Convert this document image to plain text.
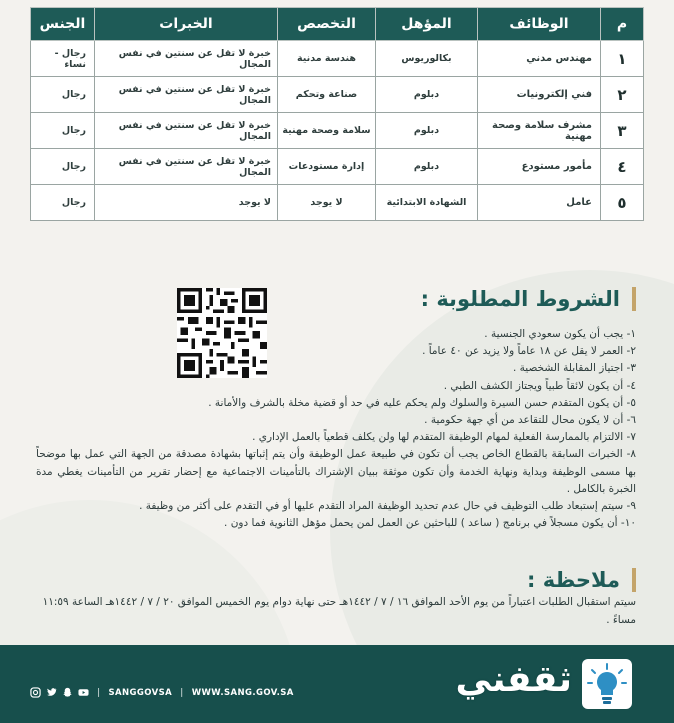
م	الوظائف	المؤهل	التخصص	الخبرات	الجنس
١	مهندس مدني	بكالوريوس	هندسة مدنية	خبرة لا تقل عن سنتين في نفس المجال	رجال - نساء
٢	فني إلكترونيات	دبلوم	صناعة وتحكم	خبرة لا تقل عن سنتين في نفس المجال	رجال
٣	مشرف سلامة وصحة مهنية	دبلوم	سلامة وصحة مهنية	خبرة لا تقل عن سنتين في نفس المجال	رجال
٤	مأمور مستودع	دبلوم	إدارة مستودعات	خبرة لا تقل عن سنتين في نفس المجال	رجال
٥	عامل	الشهادة الابتدائية	لا يوجد	لا يوجد	رجال
الشروط المطلوبة :
١- يجب أن يكون سعودي الجنسية .
٢- العمر لا يقل عن ١٨ عاماً ولا يزيد عن ٤٠ عاماً .
٣- اجتياز المقابلة الشخصية .
٤- أن يكون لائقاً طبياً ويجتاز الكشف الطبي .
٥- أن يكون المتقدم حسن السيرة والسلوك ولم يحكم عليه في حد أو قضية مخلة بالشرف والأمانة .
٦- أن لا يكون محال للتقاعد من أي جهة حكومية .
٧- الالتزام بالممارسة الفعلية لمهام الوظيفة المتقدم لها ولن يكلف قطعياً بالعمل الإداري .
٨- الخبرات السابقة بالقطاع الخاص يجب أن تكون في طبيعة عمل الوظيفة وأن يتم إثباتها بشهادة مصدقة من الجهة التي عمل بها موضحاً بها مسمى الوظيفة وبداية ونهاية الخدمة وأن تكون موثقة ببيان الإشتراك بالتأمينات الاجتماعية مع إحضار تقرير من التأمينات يغطي مدة الخبرة بالكامل .
٩- سيتم إستبعاد طلب التوظيف في حال عدم تحديد الوظيفة المراد التقدم عليها أو في التقدم على أكثر من وظيفة .
١٠- أن يكون مسجلاً في برنامج ( ساعد ) للباحثين عن العمل لمن يحمل مؤهل الثانوية فما دون .
ملاحظة :

سيتم استقبال الطلبات اعتباراً من يوم الأحد الموافق ١٦ / ٧ / ١٤٤٢هـ حتى نهاية دوام يوم الخميس الموافق ٢٠ / ٧ / ١٤٤٢هـ الساعة ١١:٥٩ مساءً .

| SANGGOVSA | WWW.SANG.GOV.SA	ثقفني
